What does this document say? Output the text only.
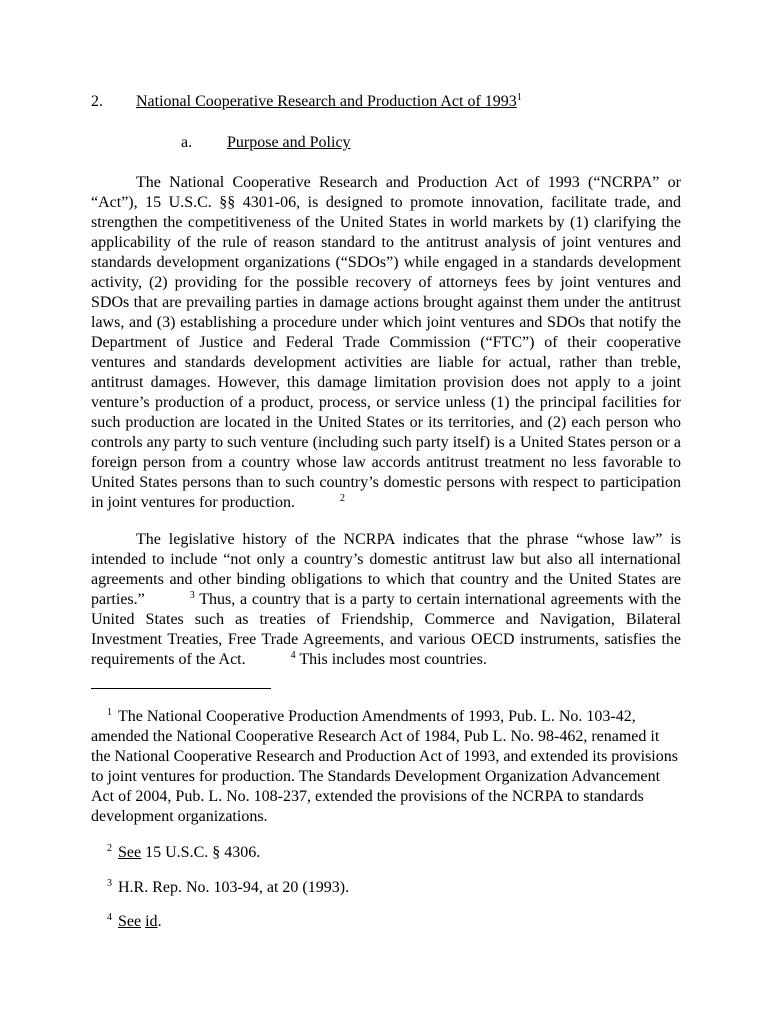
2. National Cooperative Research and Production Act of 1993$^1$
a. Purpose and Policy

The National Cooperative Research and Production Act of 1993 (“NCRPA” or “Act”), 15 U.S.C. §§ 4301-06, is designed to promote innovation, facilitate trade, and strengthen the competitiveness of the United States in world markets by (1) clarifying the applicability of the rule of reason standard to the antitrust analysis of joint ventures and standards development organizations (“SDOs”) while engaged in a standards development activity, (2) providing for the possible recovery of attorneys fees by joint ventures and SDOs that are prevailing parties in damage actions brought against them under the antitrust laws, and (3) establishing a procedure under which joint ventures and SDOs that notify the Department of Justice and Federal Trade Commission (“FTC”) of their cooperative ventures and standards development activities are liable for actual, rather than treble, antitrust damages. However, this damage limitation provision does not apply to a joint venture’s production of a product, process, or service unless (1) the principal facilities for such production are located in the United States or its territories, and (2) each person who controls any party to such venture (including such party itself) is a United States person or a foreign person from a country whose law accords antitrust treatment no less favorable to United States persons than to such country’s domestic persons with respect to participation in joint ventures for production.	$^2$

The legislative history of the NCRPA indicates that the phrase “whose law” is intended to include “not only a country’s domestic antitrust law but also all international agreements and other binding obligations to which that country and the United States are parties.”	$^3$ Thus, a country that is a party to certain international agreements with the United States such as treaties of Friendship, Commerce and Navigation, Bilateral Investment Treaties, Free Trade Agreements, and various OECD instruments, satisfies the requirements of the Act.	$^4$ This includes most countries.

$^1$ The National Cooperative Production Amendments of 1993, Pub. L. No. 103-42, amended the National Cooperative Research Act of 1984, Pub L. No. 98-462, renamed it the National Cooperative Research and Production Act of 1993, and extended its provisions to joint ventures for production. The Standards Development Organization Advancement Act of 2004, Pub. L. No. 108-237, extended the provisions of the NCRPA to standards development organizations.

$^2$ See 15 U.S.C. § 4306.

$^3$ H.R. Rep. No. 103-94, at 20 (1993).

$^4$ See id.
